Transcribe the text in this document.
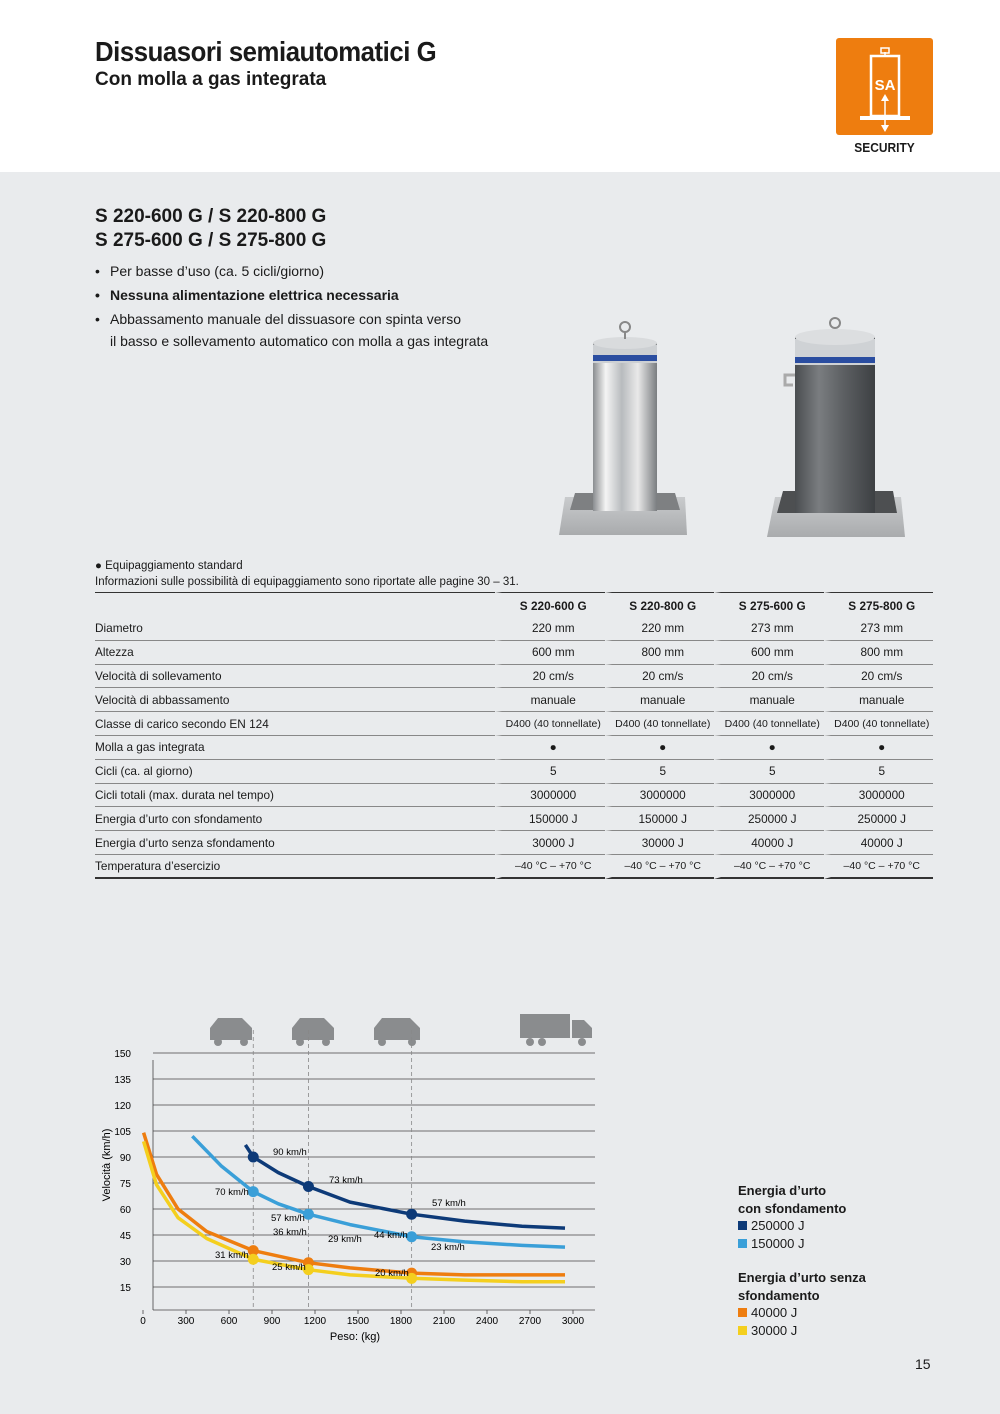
Dissuasori semiautomatici G
Con molla a gas integrata	SA
SECURITY
S 220-600 G / S 220-800 G
S 275-600 G / S 275-800 G
• Per basse d’uso (ca. 5 cicli/giorno)
• Nessuna alimentazione elettrica necessaria
• Abbassamento manuale del dissuasore con spinta verso
il basso e sollevamento automatico con molla a gas integrata
● Equipaggiamento standard
Informazioni sulle possibilità di equipaggiamento sono riportate alle pagine 30 – 31.
	S 220-600 G	S 220-800 G	S 275-600 G	S 275-800 G
Diametro	220 mm	220 mm	273 mm	273 mm
Altezza	600 mm	800 mm	600 mm	800 mm
Velocità di sollevamento	20 cm/s	20 cm/s	20 cm/s	20 cm/s
Velocità di abbassamento	manuale	manuale	manuale	manuale
Classe di carico secondo EN 124	D400 (40 tonnellate)	D400 (40 tonnellate)	D400 (40 tonnellate)	D400 (40 tonnellate)
Molla a gas integrata	●	●	●	●
Cicli (ca. al giorno)	5	5	5	5
Cicli totali (max. durata nel tempo)	3000000	3000000	3000000	3000000
Energia d’urto con sfondamento	150000 J	150000 J	250000 J	250000 J
Energia d’urto senza sfondamento	30000 J	30000 J	40000 J	40000 J
Temperatura d’esercizio	–40 °C – +70 °C	–40 °C – +70 °C	–40 °C – +70 °C	–40 °C – +70 °C
15
30
45
60
75
90
105
120
135
150
0	300	600	900 1200 1500 1800 2100 2400 2700 3000
Peso: (kg)
Velocità (km/h)	90 km/h
73 km/h
57 km/h
70 km/h
57 km/h
44 km/h
36 km/h
29 km/h
23 km/h
31 km/h
25 km/h
20 km/h
Energia d’urto
con sfondamento
250000 J
150000 J
Energia d’urto senza
sfondamento
40000 J
30000 J
15
